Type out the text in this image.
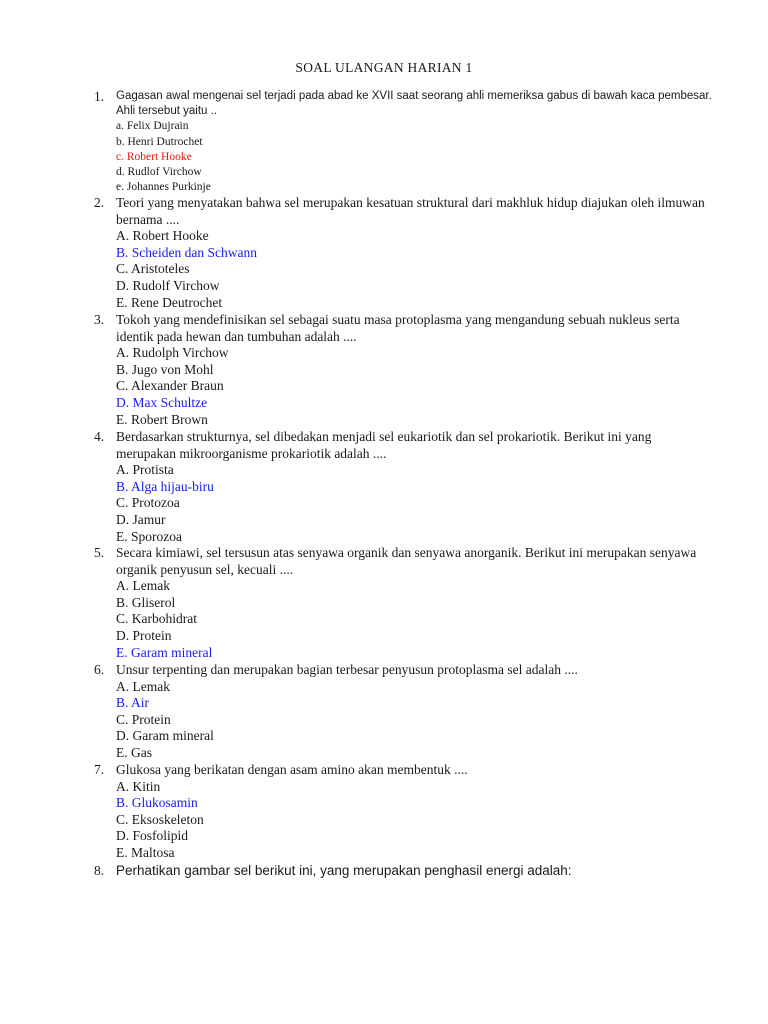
SOAL ULANGAN HARIAN 1
1. Gagasan awal mengenai sel terjadi pada abad ke XVII saat seorang ahli memeriksa gabus di bawah kaca pembesar. Ahli tersebut yaitu ..
a. Felix Dujrain
b. Henri Dutrochet
c. Robert Hooke
d. Rudlof Virchow
e. Johannes Purkinje
2. Teori yang menyatakan bahwa sel merupakan kesatuan struktural dari makhluk hidup diajukan oleh ilmuwan bernama ....
A. Robert Hooke
B. Scheiden dan Schwann
C. Aristoteles
D. Rudolf Virchow
E. Rene Deutrochet
3. Tokoh yang mendefinisikan sel sebagai suatu masa protoplasma yang mengandung sebuah nukleus serta identik pada hewan dan tumbuhan adalah ....
A. Rudolph Virchow
B. Jugo von Mohl
C. Alexander Braun
D. Max Schultze
E. Robert Brown
4. Berdasarkan strukturnya, sel dibedakan menjadi sel eukariotik dan sel prokariotik. Berikut ini yang merupakan mikroorganisme prokariotik adalah ....
A. Protista
B. Alga hijau-biru
C. Protozoa
D. Jamur
E. Sporozoa
5. Secara kimiawi, sel tersusun atas senyawa organik dan senyawa anorganik. Berikut ini merupakan senyawa organik penyusun sel, kecuali ....
A. Lemak
B. Gliserol
C. Karbohidrat
D. Protein
E. Garam mineral
6. Unsur terpenting dan merupakan bagian terbesar penyusun protoplasma sel adalah ....
A. Lemak
B. Air
C. Protein
D. Garam mineral
E. Gas
7. Glukosa yang berikatan dengan asam amino akan membentuk ....
A. Kitin
B. Glukosamin
C. Eksoskeleton
D. Fosfolipid
E. Maltosa
8. Perhatikan gambar sel berikut ini, yang merupakan penghasil energi adalah:
